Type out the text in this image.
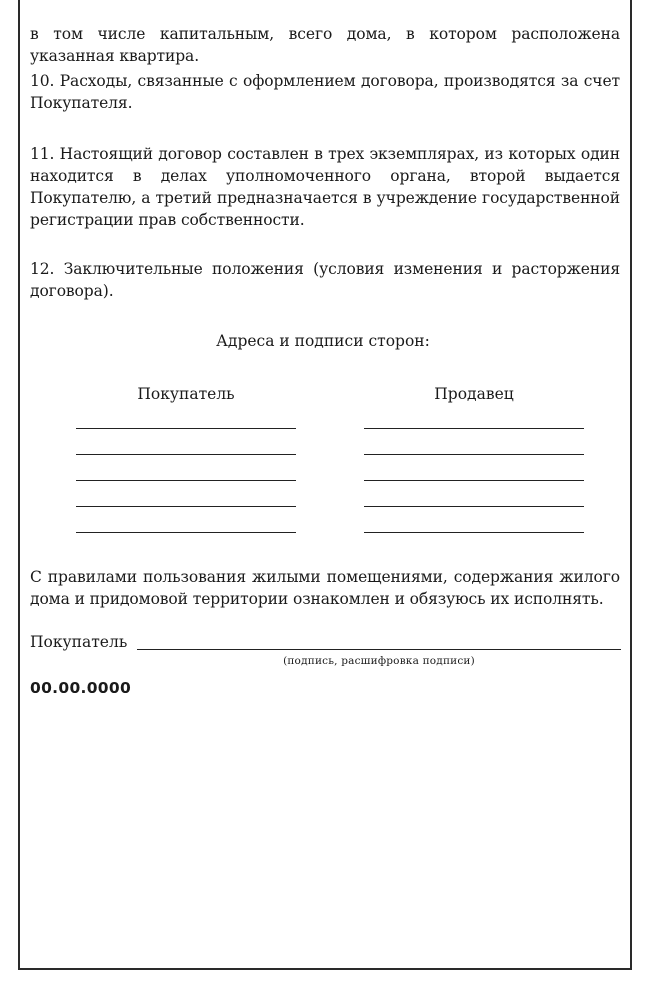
в том числе капитальным, всего дома, в котором расположена указанная квартира.

10. Расходы, связанные с оформлением договора, производятся за счет Покупателя.

11. Настоящий договор составлен в трех экземплярах, из которых один находится в делах уполномоченного органа, второй выдается Покупателю, а третий предназначается в учреждение государственной регистрации прав собственности.

12. Заключительные положения (условия изменения и расторжения договора).

Адреса и подписи сторон:
Покупатель	Продавец

С правилами пользования жилыми помещениями, содержания жилого дома и придомовой территории ознакомлен и обязуюсь их исполнять.

Покупатель
(подпись, расшифровка подписи)
00.00.0000
